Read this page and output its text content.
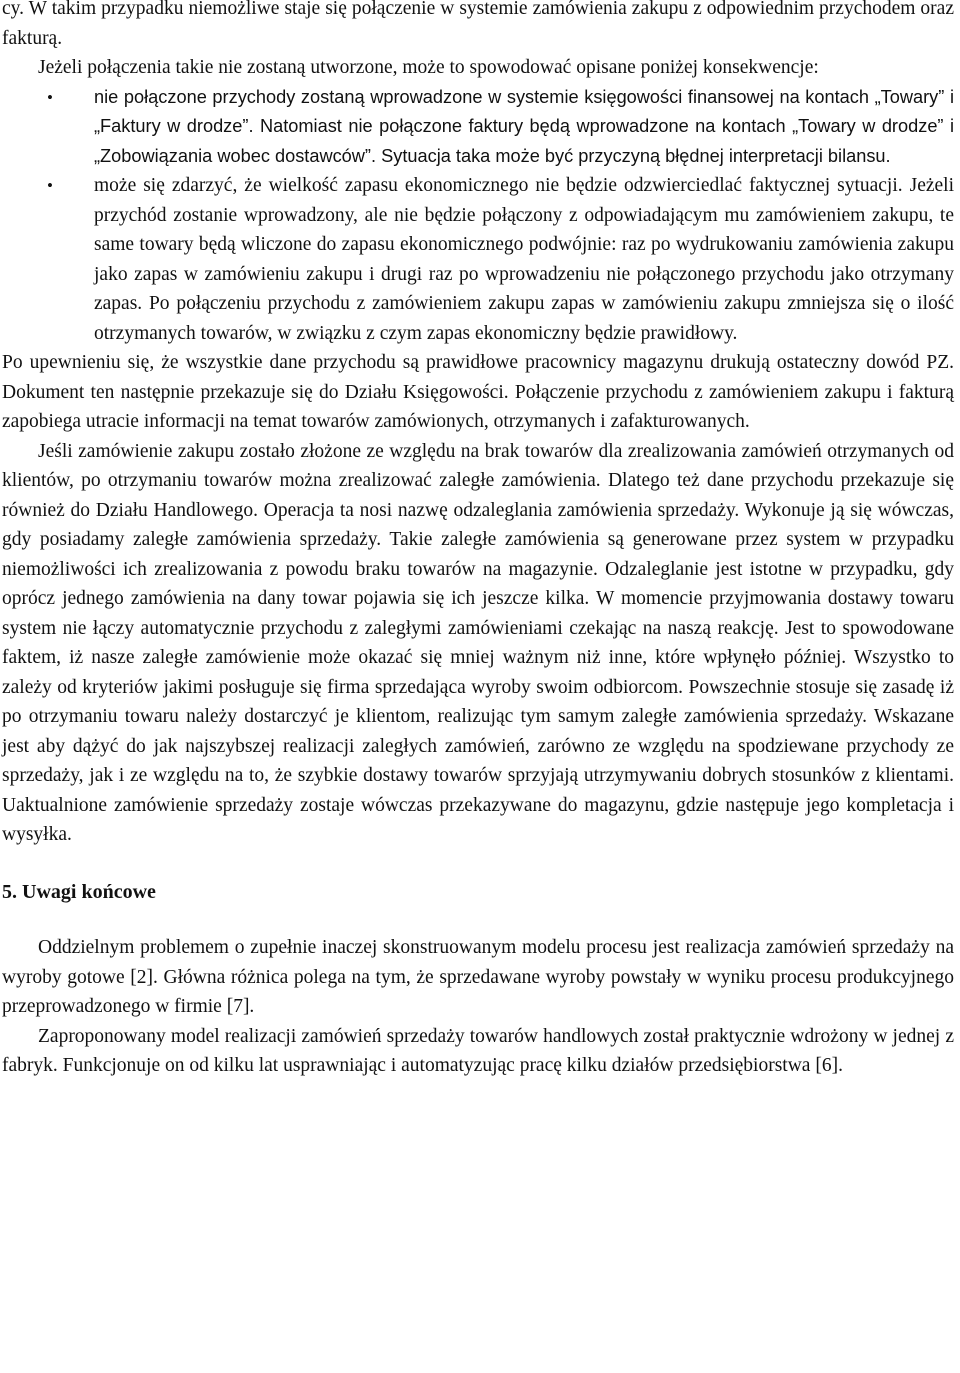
cy. W takim przypadku niemożliwe staje się połączenie w systemie zamówienia zakupu z odpowiednim przychodem oraz fakturą.

Jeżeli połączenia takie nie zostaną utworzone, może to spowodować opisane poniżej konsekwencje:

•	nie połączone przychody zostaną wprowadzone w systemie księgowości finansowej na kontach „Towary” i „Faktury w drodze”. Natomiast nie połączone faktury będą wprowadzone na kontach „Towary w drodze” i „Zobowiązania wobec dostawców”. Sytuacja taka może być przyczyną błędnej interpretacji bilansu.
•	może się zdarzyć, że wielkość zapasu ekonomicznego nie będzie odzwierciedlać faktycznej sytuacji. Jeżeli przychód zostanie wprowadzony, ale nie będzie połączony z odpowiadającym mu zamówieniem zakupu, te same towary będą wliczone do zapasu ekonomicznego podwójnie: raz po wydrukowaniu zamówienia zakupu jako zapas w zamówieniu zakupu i drugi raz po wprowadzeniu nie połączonego przychodu jako otrzymany zapas. Po połączeniu przychodu z zamówieniem zakupu zapas w zamówieniu zakupu zmniejsza się o ilość otrzymanych towarów, w związku z czym zapas ekonomiczny będzie prawidłowy.

Po upewnieniu się, że wszystkie dane przychodu są prawidłowe pracownicy magazynu drukują ostateczny dowód PZ. Dokument ten następnie przekazuje się do Działu Księgowości. Połączenie przychodu z zamówieniem zakupu i fakturą zapobiega utracie informacji na temat towarów zamówionych, otrzymanych i zafakturowanych.

Jeśli zamówienie zakupu zostało złożone ze względu na brak towarów dla zrealizowania zamówień otrzymanych od klientów, po otrzymaniu towarów można zrealizować zaległe zamówienia. Dlatego też dane przychodu przekazuje się również do Działu Handlowego. Operacja ta nosi nazwę odzaleglania zamówienia sprzedaży. Wykonuje ją się wówczas, gdy posiadamy zaległe zamówienia sprzedaży. Takie zaległe zamówienia są generowane przez system w przypadku niemożliwości ich zrealizowania z powodu braku towarów na magazynie. Odzaleglanie jest istotne w przypadku, gdy oprócz jednego zamówienia na dany towar pojawia się ich jeszcze kilka. W momencie przyjmowania dostawy towaru system nie łączy automatycznie przychodu z zaległymi zamówieniami czekając na naszą reakcję. Jest to spowodowane faktem, iż nasze zaległe zamówienie może okazać się mniej ważnym niż inne, które wpłynęło później. Wszystko to zależy od kryteriów jakimi posługuje się firma sprzedająca wyroby swoim odbiorcom. Powszechnie stosuje się zasadę iż po otrzymaniu towaru należy dostarczyć je klientom, realizując tym samym zaległe zamówienia sprzedaży. Wskazane jest aby dążyć do jak najszybszej realizacji zaległych zamówień, zarówno ze względu na spodziewane przychody ze sprzedaży, jak i ze względu na to, że szybkie dostawy towarów sprzyjają utrzymywaniu dobrych stosunków z klientami. Uaktualnione zamówienie sprzedaży zostaje wówczas przekazywane do magazynu, gdzie następuje jego kompletacja i wysyłka.

5. Uwagi końcowe

Oddzielnym problemem o zupełnie inaczej skonstruowanym modelu procesu jest realizacja zamówień sprzedaży na wyroby gotowe [2]. Główna różnica polega na tym, że sprzedawane wyroby powstały w wyniku procesu produkcyjnego przeprowadzonego w firmie [7].

Zaproponowany model realizacji zamówień sprzedaży towarów handlowych został praktycznie wdrożony w jednej z fabryk. Funkcjonuje on od kilku lat usprawniając i automatyzując pracę kilku działów przedsiębiorstwa [6].
